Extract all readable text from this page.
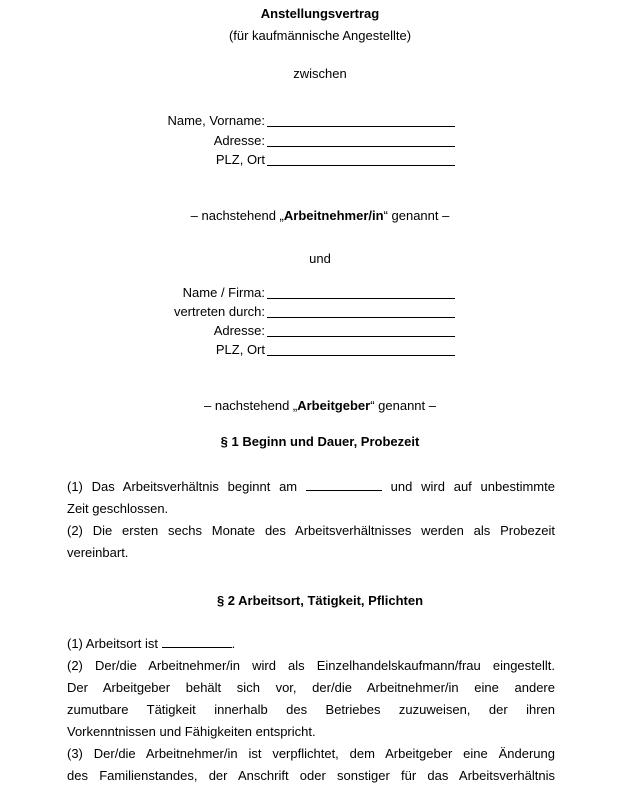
Anstellungsvertrag
(für kaufmännische Angestellte)
zwischen
Name, Vorname:
Adresse:
PLZ, Ort
– nachstehend „Arbeitnehmer/in“ genannt –
und
Name / Firma:
vertreten durch:
Adresse:
PLZ, Ort
– nachstehend „Arbeitgeber“ genannt –
§ 1 Beginn und Dauer, Probezeit
(1) Das Arbeitsverhältnis beginnt am	und wird auf unbestimmte
Zeit geschlossen.
(2) Die ersten sechs Monate des Arbeitsverhältnisses werden als Probezeit
vereinbart.
§ 2 Arbeitsort, Tätigkeit, Pflichten
(1) Arbeitsort ist	.
(2) Der/die Arbeitnehmer/in wird als Einzelhandelskaufmann/frau eingestellt.
Der Arbeitgeber behält sich vor, der/die Arbeitnehmer/in eine andere
zumutbare Tätigkeit innerhalb des Betriebes zuzuweisen, der ihren
Vorkenntnissen und Fähigkeiten entspricht.
(3) Der/die Arbeitnehmer/in ist verpflichtet, dem Arbeitgeber eine Änderung
des Familienstandes, der Anschrift oder sonstiger für das Arbeitsverhältnis
